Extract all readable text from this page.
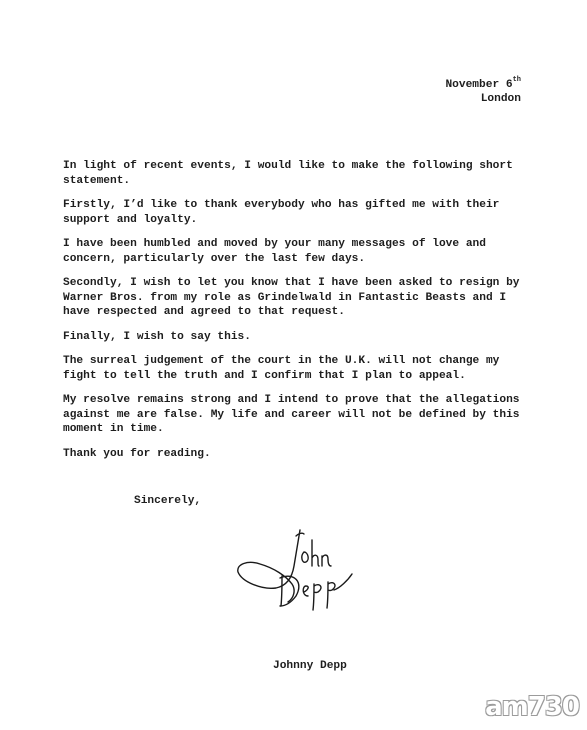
November 6th
London

In light of recent events, I would like to make the following short statement.

Firstly, I’d like to thank everybody who has gifted me with their support and loyalty.

I have been humbled and moved by your many messages of love and concern, particularly over the last few days.

Secondly, I wish to let you know that I have been asked to resign by Warner Bros. from my role as Grindelwald in Fantastic Beasts and I have respected and agreed to that request.

Finally, I wish to say this.

The surreal judgement of the court in the U.K. will not change my fight to tell the truth and I confirm that I plan to appeal.

My resolve remains strong and I intend to prove that the allegations against me are false. My life and career will not be defined by this moment in time.

Thank you for reading.

Sincerely,
Johnny Depp
am730
